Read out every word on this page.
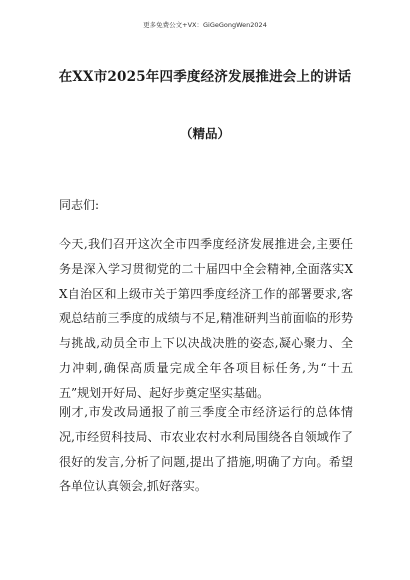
更多免费公文+VX：GiGeGongWen2024
在XX市2025年四季度经济发展推进会上的讲话
（精品）

同志们:

今天,我们召开这次全市四季度经济发展推进会,主要任务是深入学习贯彻党的二十届四中全会精神,全面落实XX自治区和上级市关于第四季度经济工作的部署要求,客观总结前三季度的成绩与不足,精准研判当前面临的形势与挑战,动员全市上下以决战决胜的姿态,凝心聚力、全力冲刺,确保高质量完成全年各项目标任务,为“十五五”规划开好局、起好步奠定坚实基础。

刚才,市发改局通报了前三季度全市经济运行的总体情况,市经贸科技局、市农业农村水利局围绕各自领域作了很好的发言,分析了问题,提出了措施,明确了方向。希望各单位认真领会,抓好落实。
